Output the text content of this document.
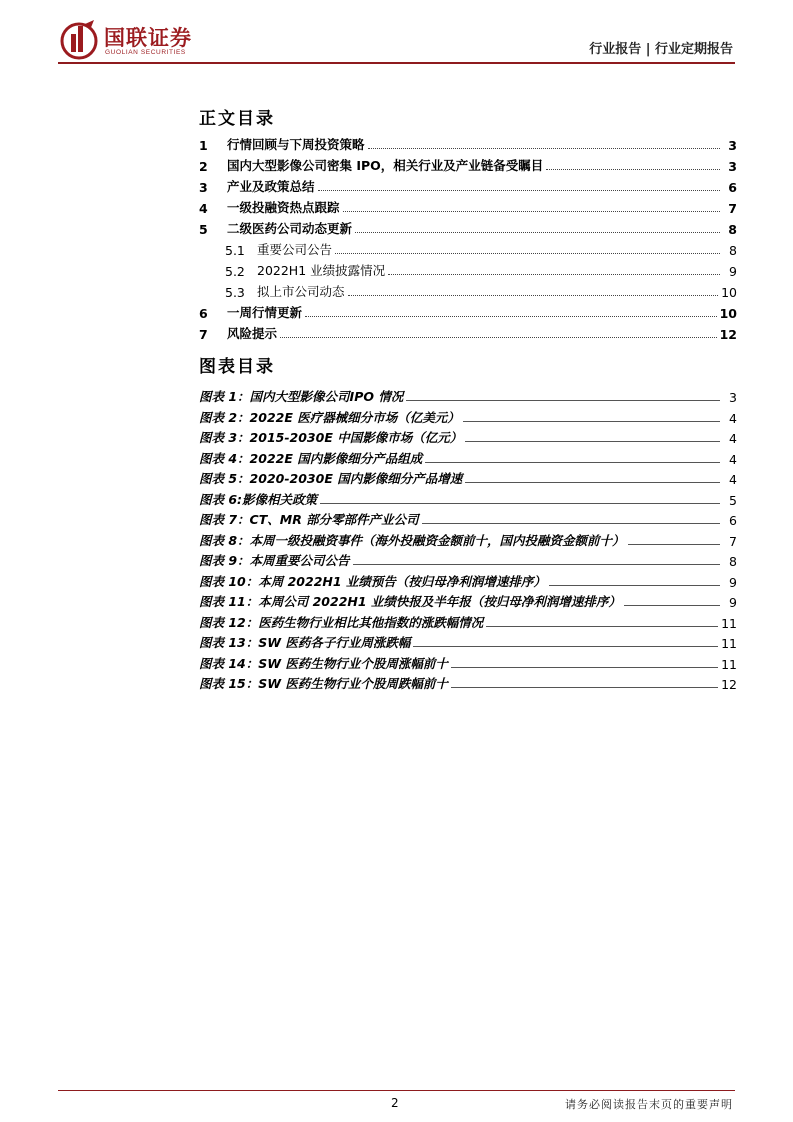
国联证券
GUOLIAN SECURITIES	行业报告 | 行业定期报告
正文目录
1	行情回顾与下周投资策略	3
2	国内大型影像公司密集 IPO，相关行业及产业链备受瞩目	3
3	产业及政策总结	6
4	一级投融资热点跟踪	7
5	二级医药公司动态更新	8
5.1 重要公司公告	8
5.2 2022H1 业绩披露情况	9
5.3 拟上市公司动态	10
6	一周行情更新	10
7	风险提示	12
图表目录
图表 1：国内大型影像公司IPO 情况	3
图表 2：2022E 医疗器械细分市场（亿美元）	4
图表 3：2015-2030E 中国影像市场（亿元）	4
图表 4：2022E 国内影像细分产品组成	4
图表 5：2020-2030E 国内影像细分产品增速	4
图表 6:影像相关政策	5
图表 7：CT、MR 部分零部件产业公司	6
图表 8：本周一级投融资事件（海外投融资金额前十，国内投融资金额前十）	7
图表 9：本周重要公司公告	8
图表 10：本周 2022H1 业绩预告（按归母净利润增速排序）	9
图表 11：本周公司 2022H1 业绩快报及半年报（按归母净利润增速排序）	9
图表 12：医药生物行业相比其他指数的涨跌幅情况	11
图表 13：SW 医药各子行业周涨跌幅	11
图表 14：SW 医药生物行业个股周涨幅前十	11
图表 15：SW 医药生物行业个股周跌幅前十	12
2	请务必阅读报告末页的重要声明
